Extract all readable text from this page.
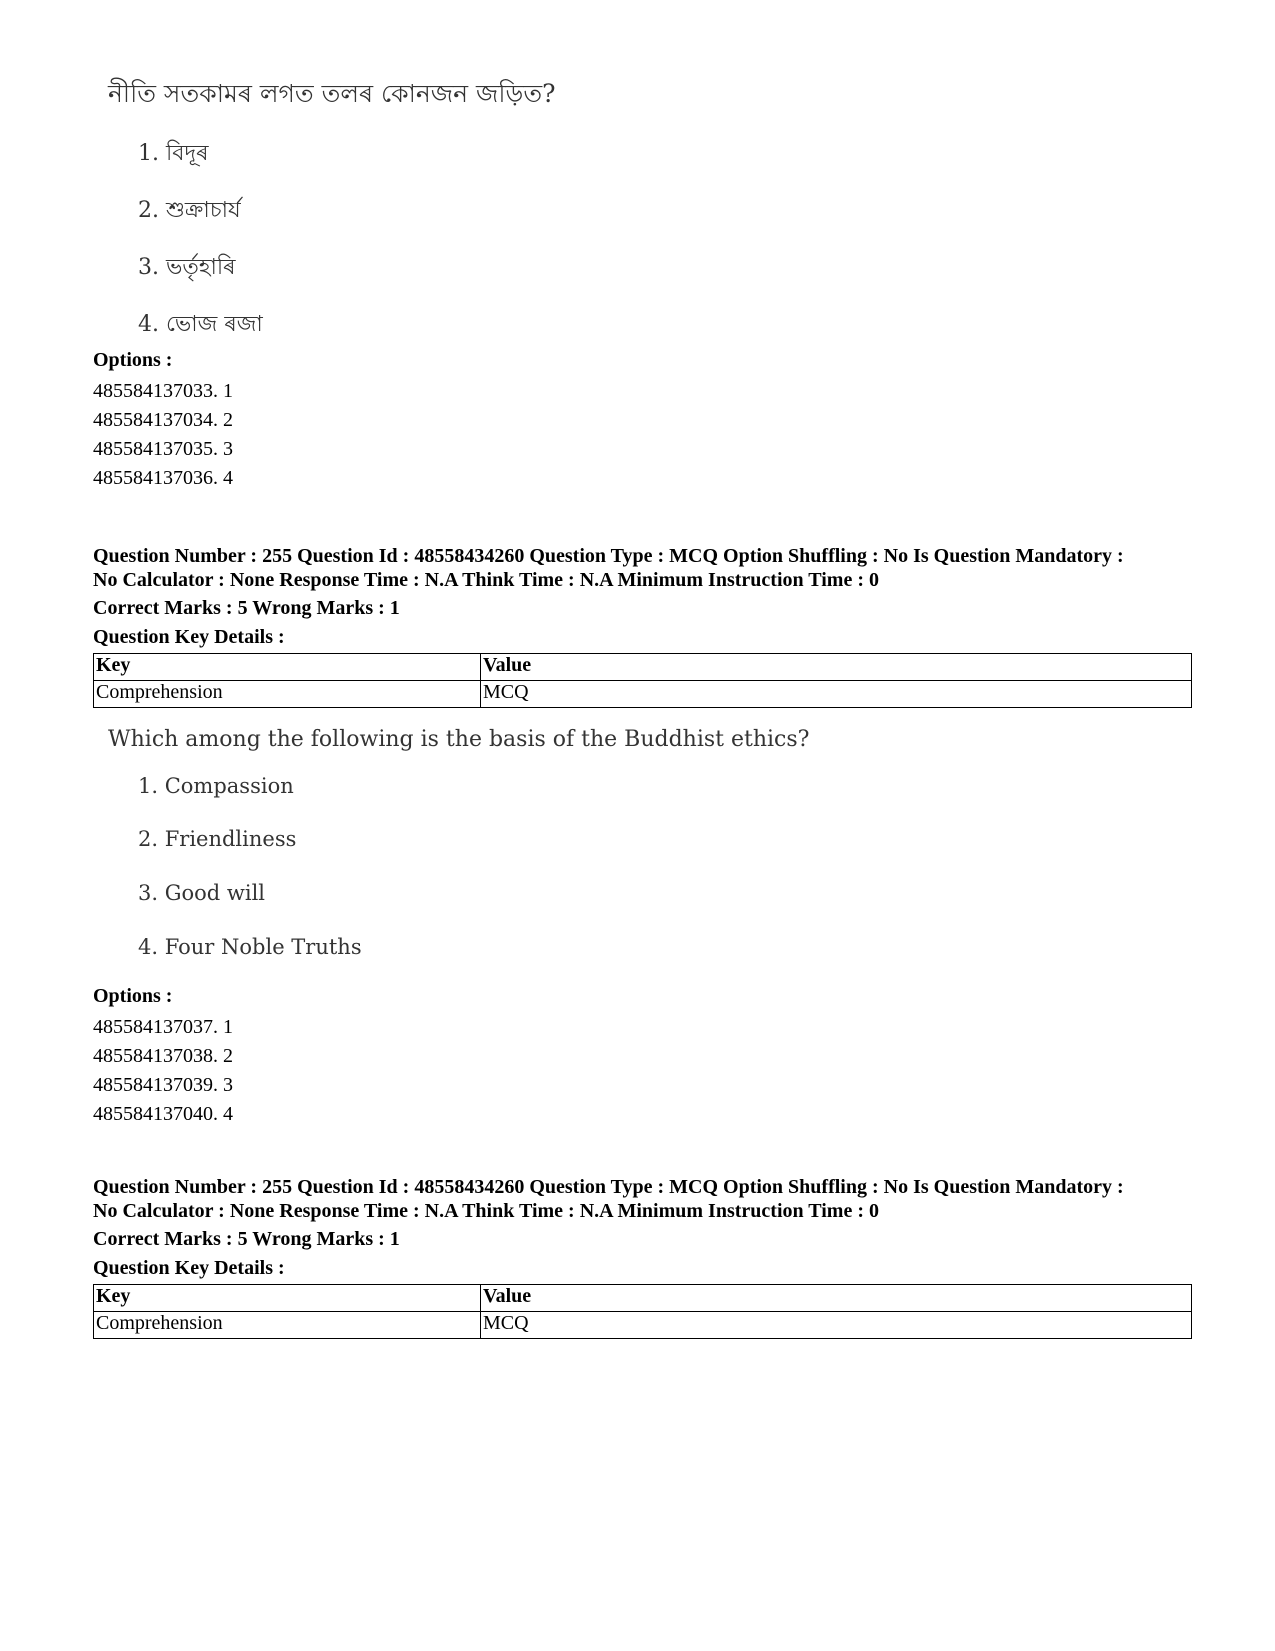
নীতি সতকামৰ লগত তলৰ কোনজন জড়িত?
1. বিদূৰ
2. শুক্ৰাচাৰ্য
3. ভৰ্তৃহাৰি
4. ভোজ ৰজা
Options :
485584137033. 1
485584137034. 2
485584137035. 3
485584137036. 4
Question Number : 255 Question Id : 48558434260 Question Type : MCQ Option Shuffling : No Is Question Mandatory :
No Calculator : None Response Time : N.A Think Time : N.A Minimum Instruction Time : 0
Correct Marks : 5 Wrong Marks : 1
Question Key Details :
Key	Value
Comprehension	MCQ
Which among the following is the basis of the Buddhist ethics?
1. Compassion
2. Friendliness
3. Good will
4. Four Noble Truths
Options :
485584137037. 1
485584137038. 2
485584137039. 3
485584137040. 4
Question Number : 255 Question Id : 48558434260 Question Type : MCQ Option Shuffling : No Is Question Mandatory :
No Calculator : None Response Time : N.A Think Time : N.A Minimum Instruction Time : 0
Correct Marks : 5 Wrong Marks : 1
Question Key Details :
Key	Value
Comprehension	MCQ
